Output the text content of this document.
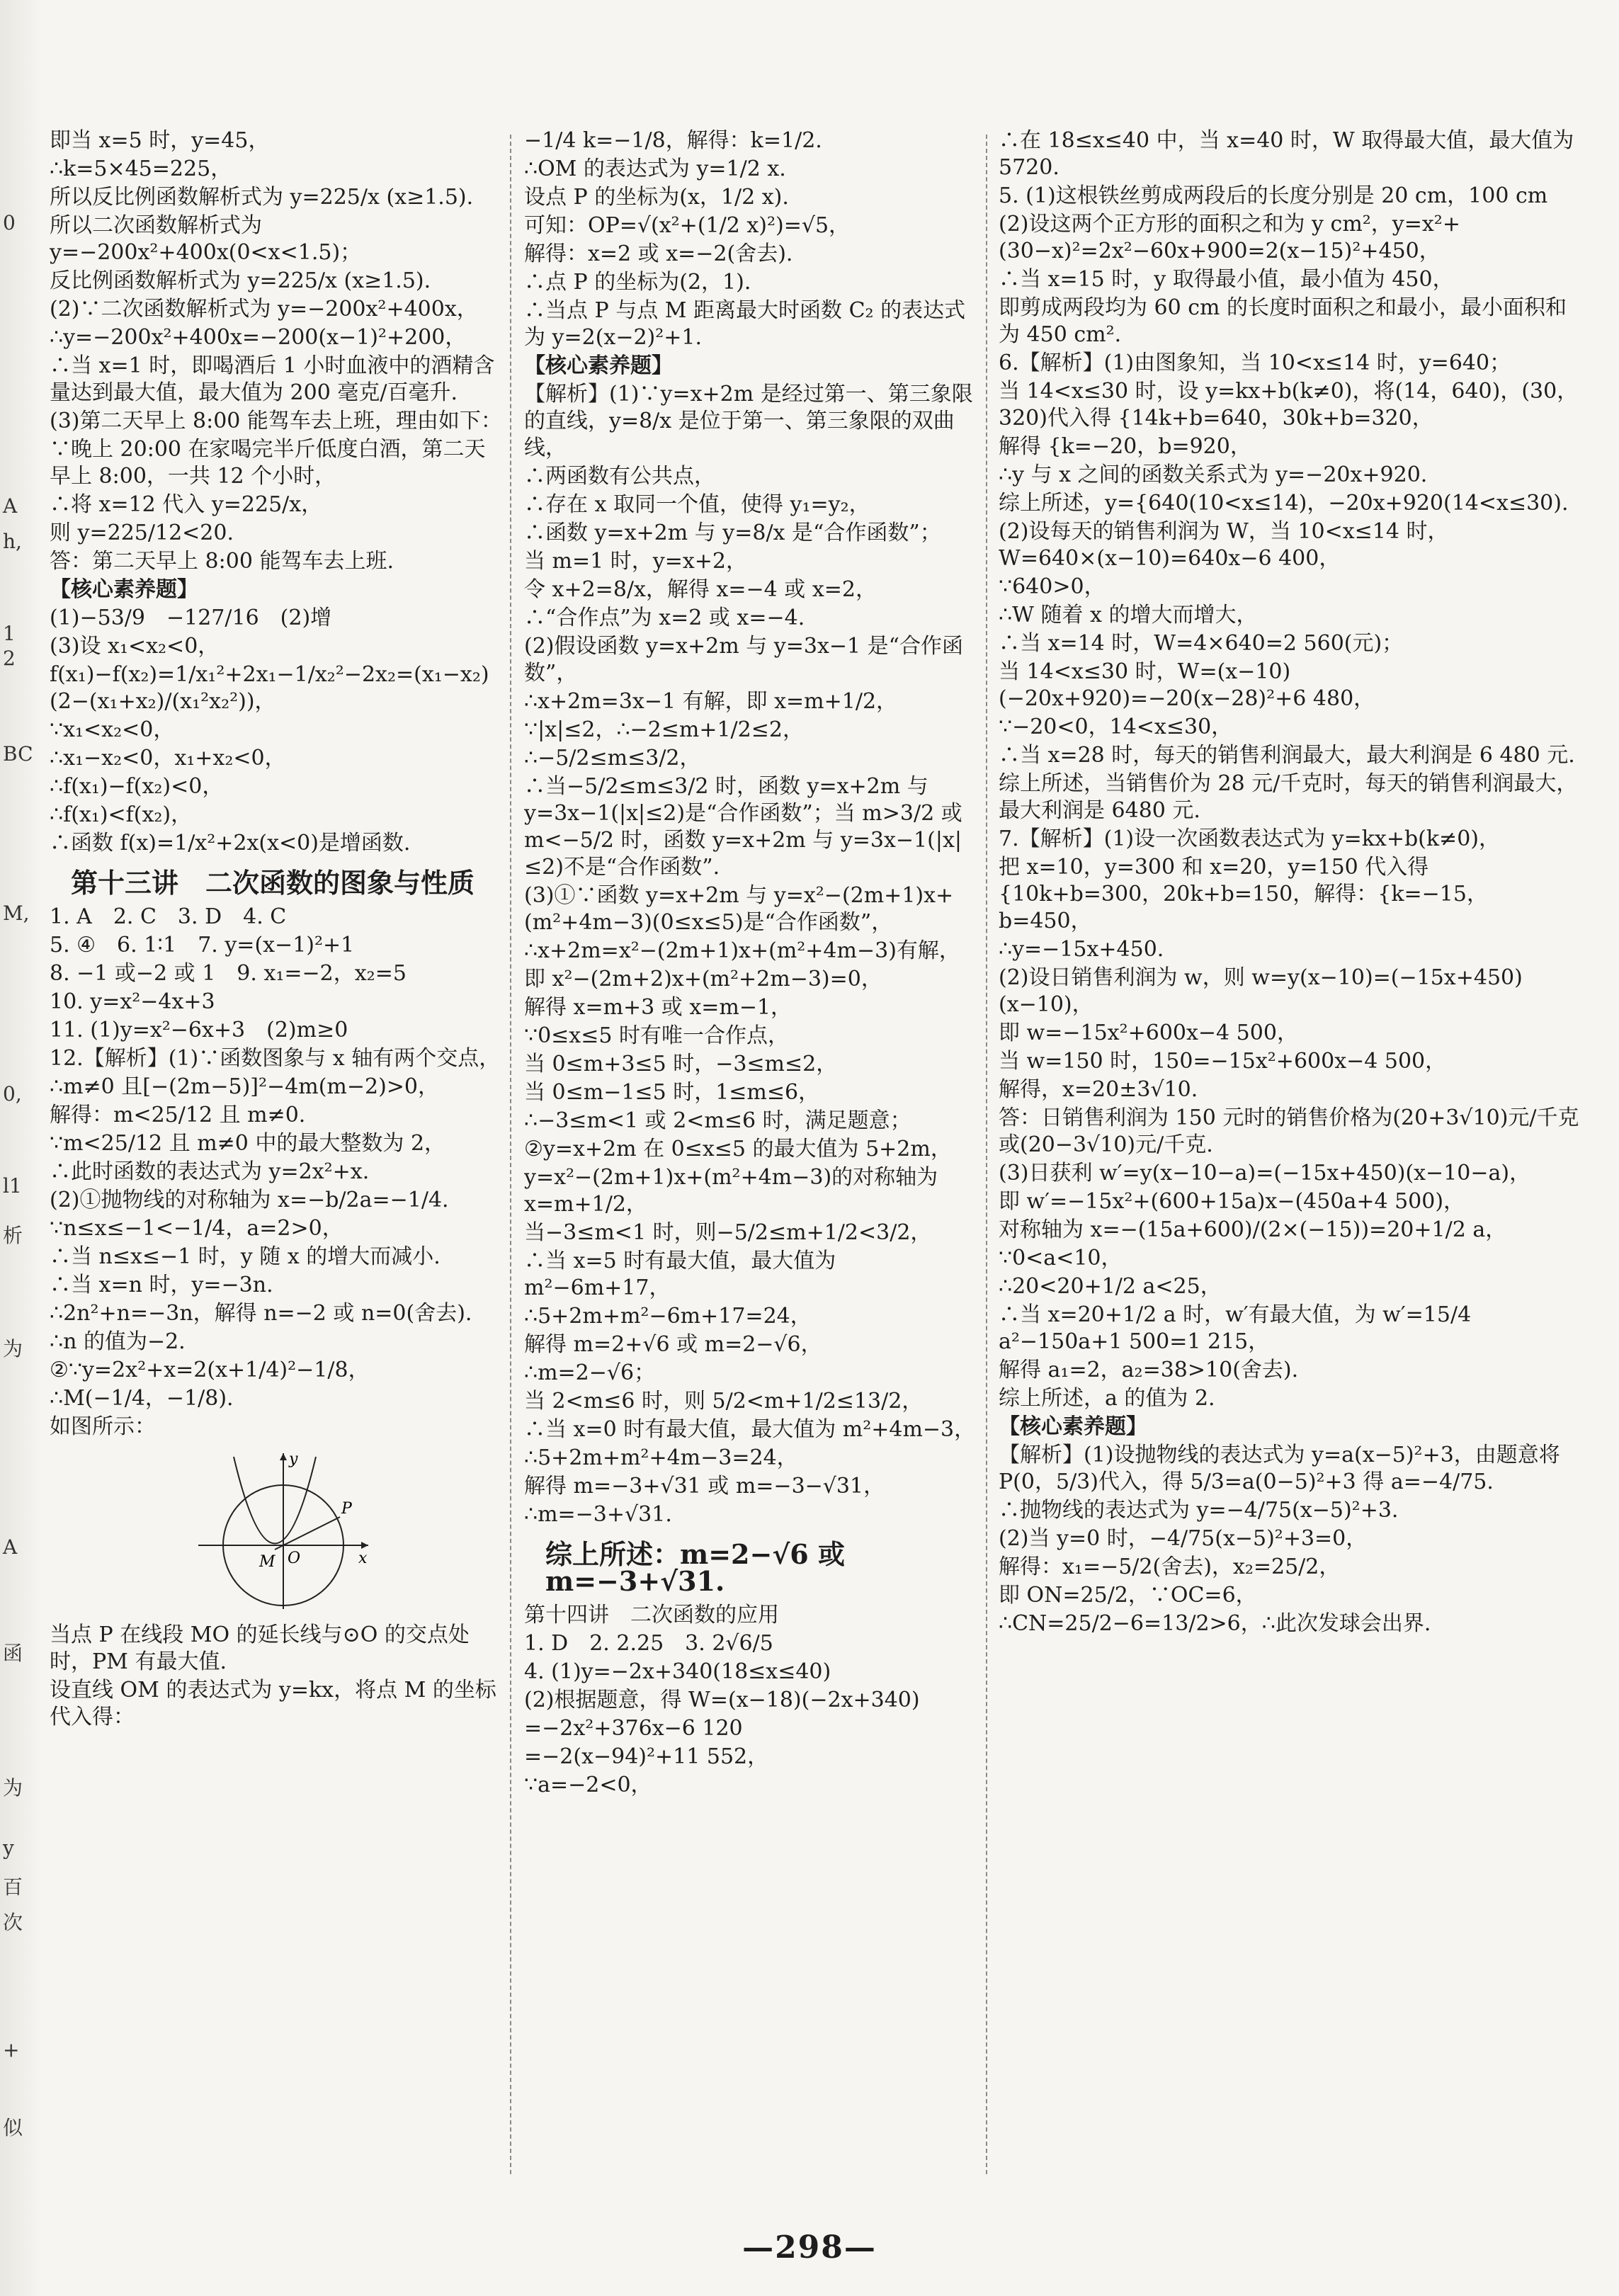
0
A
h,
1
2
BC
M,
0,
l1
析
为
A
函
为
y
百
次
+
似

即当 x=5 时，y=45，

∴k=5×45=225，

所以反比例函数解析式为 y=225/x (x≥1.5).

所以二次函数解析式为 y=−200x²+400x(0<x<1.5)；

反比例函数解析式为 y=225/x (x≥1.5).

(2)∵二次函数解析式为 y=−200x²+400x，

∴y=−200x²+400x=−200(x−1)²+200，

∴当 x=1 时，即喝酒后 1 小时血液中的酒精含量达到最大值，最大值为 200 毫克/百毫升.

(3)第二天早上 8:00 能驾车去上班，理由如下：

∵晚上 20:00 在家喝完半斤低度白酒，第二天早上 8:00，一共 12 个小时，

∴将 x=12 代入 y=225/x，

则 y=225/12<20.

答：第二天早上 8:00 能驾车去上班.

【核心素养题】

(1)−53/9　−127/16　(2)增

(3)设 x₁<x₂<0，

f(x₁)−f(x₂)=1/x₁²+2x₁−1/x₂²−2x₂=(x₁−x₂)(2−(x₁+x₂)/(x₁²x₂²))，

∵x₁<x₂<0，

∴x₁−x₂<0，x₁+x₂<0，

∴f(x₁)−f(x₂)<0，

∴f(x₁)<f(x₂)，

∴函数 f(x)=1/x²+2x(x<0)是增函数.

第十三讲　二次函数的图象与性质

1. A　2. C　3. D　4. C

5. ④　6. 1∶1　7. y=(x−1)²+1

8. −1 或−2 或 1　9. x₁=−2，x₂=5

10. y=x²−4x+3

11. (1)y=x²−6x+3　(2)m≥0

12.【解析】(1)∵函数图象与 x 轴有两个交点，

∴m≠0 且[−(2m−5)]²−4m(m−2)>0，

解得：m<25/12 且 m≠0.

∵m<25/12 且 m≠0 中的最大整数为 2，

∴此时函数的表达式为 y=2x²+x.

(2)①抛物线的对称轴为 x=−b/2a=−1/4.

∵n≤x≤−1<−1/4，a=2>0，

∴当 n≤x≤−1 时，y 随 x 的增大而减小.

∴当 x=n 时，y=−3n.

∴2n²+n=−3n，解得 n=−2 或 n=0(舍去).

∴n 的值为−2.

②∵y=2x²+x=2(x+1/4)²−1/8，

∴M(−1/4，−1/8).

如图所示：

y
x
P
M O

当点 P 在线段 MO 的延长线与⊙O 的交点处时，PM 有最大值.

设直线 OM 的表达式为 y=kx，将点 M 的坐标代入得：

−1/4 k=−1/8，解得：k=1/2.

∴OM 的表达式为 y=1/2 x.

设点 P 的坐标为(x，1/2 x).

可知：OP=√(x²+(1/2 x)²)=√5，

解得：x=2 或 x=−2(舍去).

∴点 P 的坐标为(2，1).

∴当点 P 与点 M 距离最大时函数 C₂ 的表达式为 y=2(x−2)²+1.

【核心素养题】

【解析】(1)∵y=x+2m 是经过第一、第三象限的直线，y=8/x 是位于第一、第三象限的双曲线，

∴两函数有公共点，

∴存在 x 取同一个值，使得 y₁=y₂，

∴函数 y=x+2m 与 y=8/x 是“合作函数”；

当 m=1 时，y=x+2，

令 x+2=8/x，解得 x=−4 或 x=2，

∴“合作点”为 x=2 或 x=−4.

(2)假设函数 y=x+2m 与 y=3x−1 是“合作函数”，

∴x+2m=3x−1 有解，即 x=m+1/2，

∵|x|≤2，∴−2≤m+1/2≤2，

∴−5/2≤m≤3/2，

∴当−5/2≤m≤3/2 时，函数 y=x+2m 与 y=3x−1(|x|≤2)是“合作函数”；当 m>3/2 或 m<−5/2 时，函数 y=x+2m 与 y=3x−1(|x|≤2)不是“合作函数”.

(3)①∵函数 y=x+2m 与 y=x²−(2m+1)x+(m²+4m−3)(0≤x≤5)是“合作函数”，

∴x+2m=x²−(2m+1)x+(m²+4m−3)有解，

即 x²−(2m+2)x+(m²+2m−3)=0，

解得 x=m+3 或 x=m−1，

∵0≤x≤5 时有唯一合作点，

当 0≤m+3≤5 时，−3≤m≤2，

当 0≤m−1≤5 时，1≤m≤6，

∴−3≤m<1 或 2<m≤6 时，满足题意；

②y=x+2m 在 0≤x≤5 的最大值为 5+2m，

y=x²−(2m+1)x+(m²+4m−3)的对称轴为 x=m+1/2，

当−3≤m<1 时，则−5/2≤m+1/2<3/2，

∴当 x=5 时有最大值，最大值为 m²−6m+17，

∴5+2m+m²−6m+17=24，

解得 m=2+√6 或 m=2−√6，

∴m=2−√6；

当 2<m≤6 时，则 5/2<m+1/2≤13/2，

∴当 x=0 时有最大值，最大值为 m²+4m−3，

∴5+2m+m²+4m−3=24，

解得 m=−3+√31 或 m=−3−√31，

∴m=−3+√31.

综上所述：m=2−√6 或 m=−3+√31.

第十四讲　二次函数的应用

1. D　2. 2.25　3. 2√6/5

4. (1)y=−2x+340(18≤x≤40)

(2)根据题意，得 W=(x−18)(−2x+340)

=−2x²+376x−6 120

=−2(x−94)²+11 552，

∵a=−2<0，

∴在 18≤x≤40 中，当 x=40 时，W 取得最大值，最大值为5720.

5. (1)这根铁丝剪成两段后的长度分别是 20 cm，100 cm

(2)设这两个正方形的面积之和为 y cm²，y=x²+(30−x)²=2x²−60x+900=2(x−15)²+450，

∴当 x=15 时，y 取得最小值，最小值为 450，

即剪成两段均为 60 cm 的长度时面积之和最小，最小面积和为 450 cm².

6.【解析】(1)由图象知，当 10<x≤14 时，y=640；

当 14<x≤30 时，设 y=kx+b(k≠0)，将(14，640)，(30，320)代入得 {14k+b=640，30k+b=320，

解得 {k=−20，b=920，

∴y 与 x 之间的函数关系式为 y=−20x+920.

综上所述，y={640(10<x≤14)，−20x+920(14<x≤30).

(2)设每天的销售利润为 W，当 10<x≤14 时，W=640×(x−10)=640x−6 400，

∵640>0，

∴W 随着 x 的增大而增大，

∴当 x=14 时，W=4×640=2 560(元)；

当 14<x≤30 时，W=(x−10)(−20x+920)=−20(x−28)²+6 480，

∵−20<0，14<x≤30，

∴当 x=28 时，每天的销售利润最大，最大利润是 6 480 元.

综上所述，当销售价为 28 元/千克时，每天的销售利润最大，最大利润是 6480 元.

7.【解析】(1)设一次函数表达式为 y=kx+b(k≠0)，

把 x=10，y=300 和 x=20，y=150 代入得 {10k+b=300，20k+b=150，解得：{k=−15，b=450，

∴y=−15x+450.

(2)设日销售利润为 w，则 w=y(x−10)=(−15x+450)(x−10)，

即 w=−15x²+600x−4 500，

当 w=150 时，150=−15x²+600x−4 500，

解得，x=20±3√10.

答：日销售利润为 150 元时的销售价格为(20+3√10)元/千克或(20−3√10)元/千克.

(3)日获利 w′=y(x−10−a)=(−15x+450)(x−10−a)，

即 w′=−15x²+(600+15a)x−(450a+4 500)，

对称轴为 x=−(15a+600)/(2×(−15))=20+1/2 a，

∵0<a<10，

∴20<20+1/2 a<25，

∴当 x=20+1/2 a 时，w′有最大值，为 w′=15/4 a²−150a+1 500=1 215，

解得 a₁=2，a₂=38>10(舍去).

综上所述，a 的值为 2.

【核心素养题】

【解析】(1)设抛物线的表达式为 y=a(x−5)²+3，由题意将 P(0，5/3)代入，得 5/3=a(0−5)²+3 得 a=−4/75.

∴抛物线的表达式为 y=−4/75(x−5)²+3.

(2)当 y=0 时，−4/75(x−5)²+3=0，

解得：x₁=−5/2(舍去)，x₂=25/2，

即 ON=25/2，∵OC=6，

∴CN=25/2−6=13/2>6，∴此次发球会出界.

—298—
